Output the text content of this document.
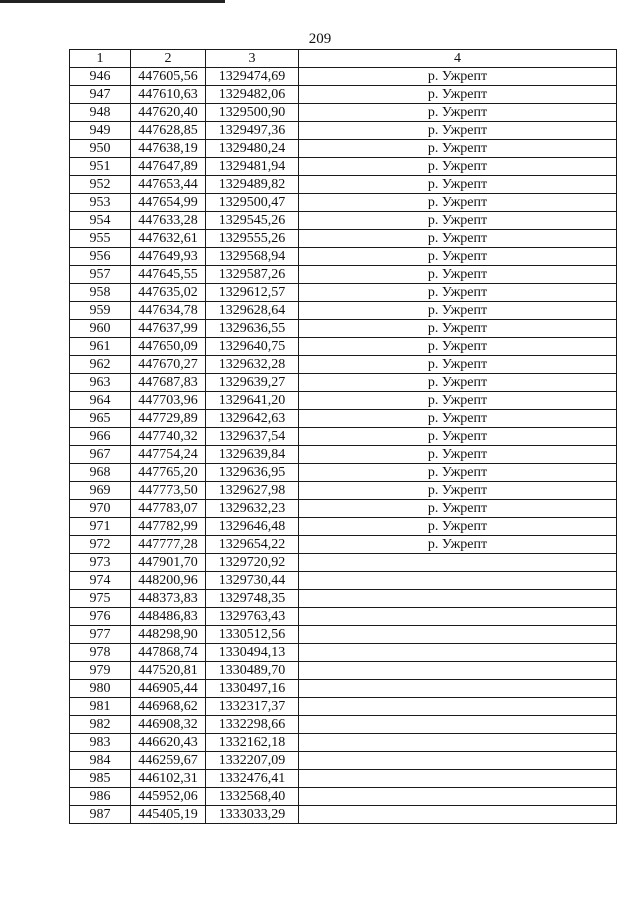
209
1	2	3	4
946	447605,56	1329474,69	р. Ужрепт
947	447610,63	1329482,06	р. Ужрепт
948	447620,40	1329500,90	р. Ужрепт
949	447628,85	1329497,36	р. Ужрепт
950	447638,19	1329480,24	р. Ужрепт
951	447647,89	1329481,94	р. Ужрепт
952	447653,44	1329489,82	р. Ужрепт
953	447654,99	1329500,47	р. Ужрепт
954	447633,28	1329545,26	р. Ужрепт
955	447632,61	1329555,26	р. Ужрепт
956	447649,93	1329568,94	р. Ужрепт
957	447645,55	1329587,26	р. Ужрепт
958	447635,02	1329612,57	р. Ужрепт
959	447634,78	1329628,64	р. Ужрепт
960	447637,99	1329636,55	р. Ужрепт
961	447650,09	1329640,75	р. Ужрепт
962	447670,27	1329632,28	р. Ужрепт
963	447687,83	1329639,27	р. Ужрепт
964	447703,96	1329641,20	р. Ужрепт
965	447729,89	1329642,63	р. Ужрепт
966	447740,32	1329637,54	р. Ужрепт
967	447754,24	1329639,84	р. Ужрепт
968	447765,20	1329636,95	р. Ужрепт
969	447773,50	1329627,98	р. Ужрепт
970	447783,07	1329632,23	р. Ужрепт
971	447782,99	1329646,48	р. Ужрепт
972	447777,28	1329654,22	р. Ужрепт
973	447901,70	1329720,92	
974	448200,96	1329730,44	
975	448373,83	1329748,35	
976	448486,83	1329763,43	
977	448298,90	1330512,56	
978	447868,74	1330494,13	
979	447520,81	1330489,70	
980	446905,44	1330497,16	
981	446968,62	1332317,37	
982	446908,32	1332298,66	
983	446620,43	1332162,18	
984	446259,67	1332207,09	
985	446102,31	1332476,41	
986	445952,06	1332568,40	
987	445405,19	1333033,29	
